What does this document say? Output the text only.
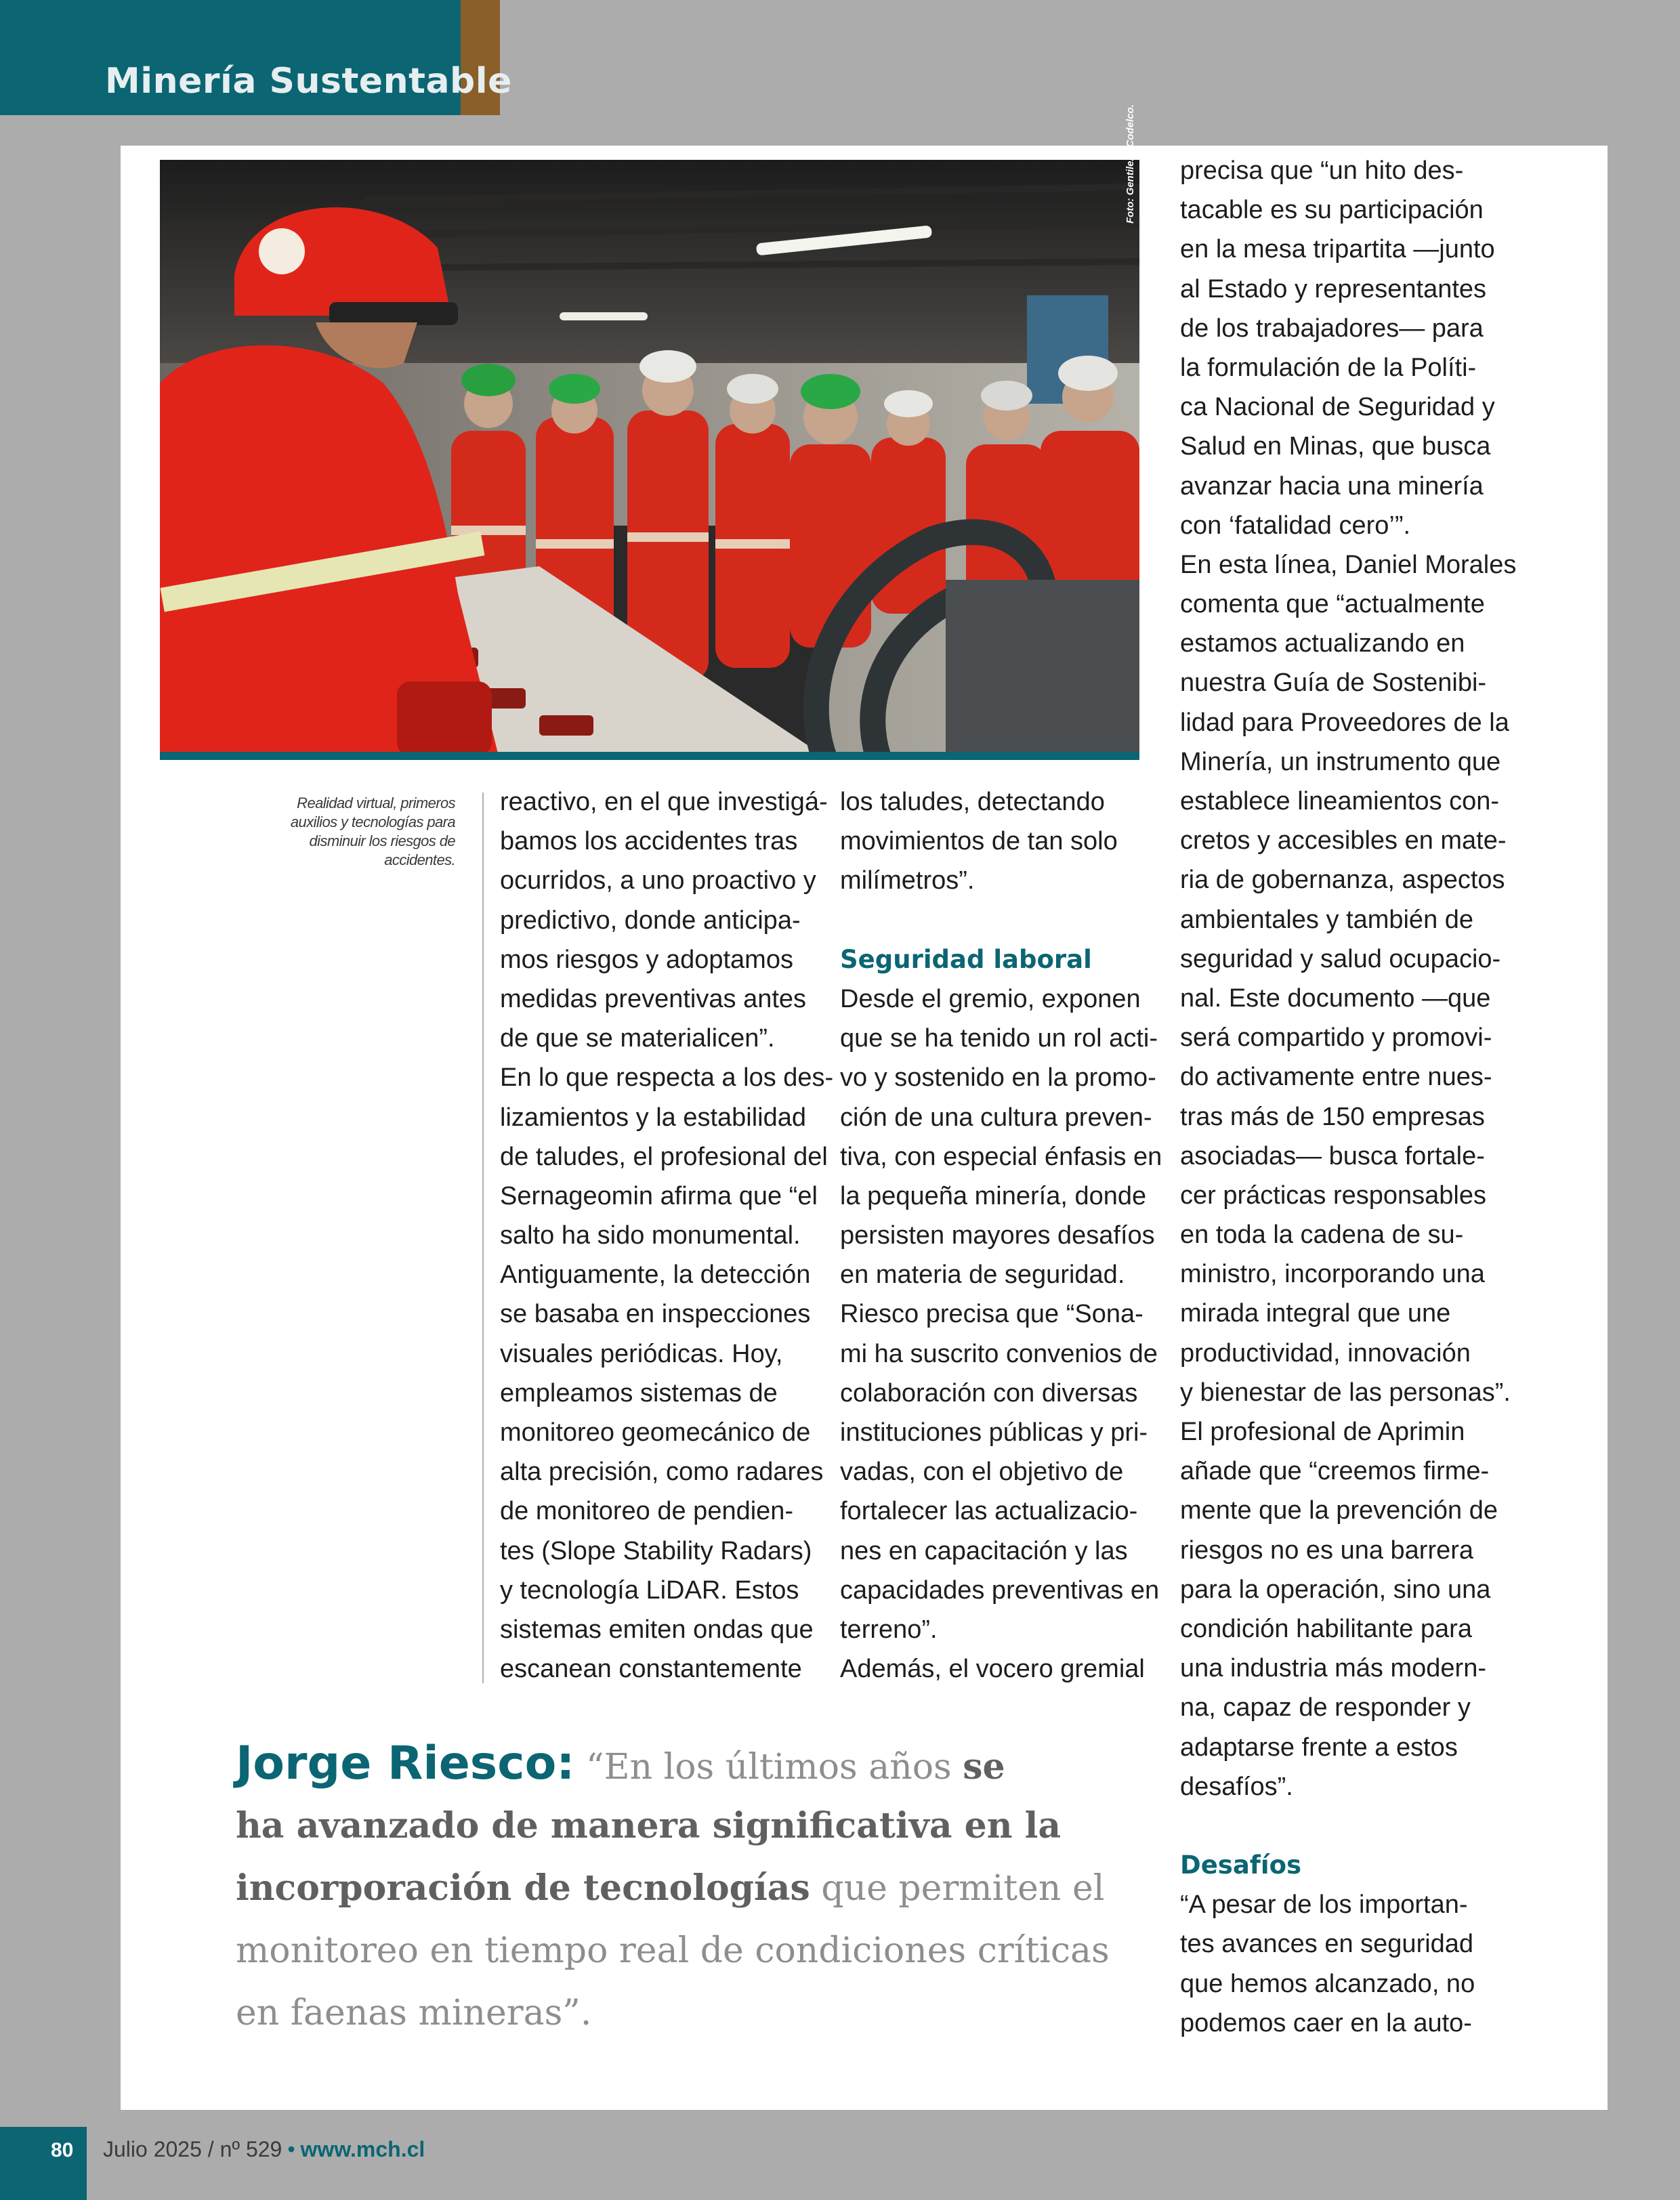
Minería Sustentable
Foto: Gentileza Codelco.
Realidad virtual, primeros
auxilios y tecnologías para
disminuir los riesgos de
accidentes.
reactivo, en el que investigá-
bamos los accidentes tras
ocurridos, a uno proactivo y
predictivo, donde anticipa-
mos riesgos y adoptamos
medidas preventivas antes
de que se materialicen”.
En lo que respecta a los des-
lizamientos y la estabilidad
de taludes, el profesional del
Sernageomin afirma que “el
salto ha sido monumental.
Antiguamente, la detección
se basaba en inspecciones
visuales periódicas. Hoy,
empleamos sistemas de
monitoreo geomecánico de
alta precisión, como radares
de monitoreo de pendien-
tes (Slope Stability Radars)
y tecnología LiDAR. Estos
sistemas emiten ondas que
escanean constantemente
los taludes, detectando
movimientos de tan solo
milímetros”.
Seguridad laboral
Desde el gremio, exponen
que se ha tenido un rol acti-
vo y sostenido en la promo-
ción de una cultura preven-
tiva, con especial énfasis en
la pequeña minería, donde
persisten mayores desafíos
en materia de seguridad.
Riesco precisa que “Sona-
mi ha suscrito convenios de
colaboración con diversas
instituciones públicas y pri-
vadas, con el objetivo de
fortalecer las actualizacio-
nes en capacitación y las
capacidades preventivas en
terreno”.
Además, el vocero gremial
precisa que “un hito des-
tacable es su participación
en la mesa tripartita —junto
al Estado y representantes
de los trabajadores— para
la formulación de la Políti-
ca Nacional de Seguridad y
Salud en Minas, que busca
avanzar hacia una minería
con ‘fatalidad cero’”.
En esta línea, Daniel Morales
comenta que “actualmente
estamos actualizando en
nuestra Guía de Sostenibi-
lidad para Proveedores de la
Minería, un instrumento que
establece lineamientos con-
cretos y accesibles en mate-
ria de gobernanza, aspectos
ambientales y también de
seguridad y salud ocupacio-
nal. Este documento —que
será compartido y promovi-
do activamente entre nues-
tras más de 150 empresas
asociadas— busca fortale-
cer prácticas responsables
en toda la cadena de su-
ministro, incorporando una
mirada integral que une
productividad, innovación
y bienestar de las personas”.
El profesional de Aprimin
añade que “creemos firme-
mente que la prevención de
riesgos no es una barrera
para la operación, sino una
condición habilitante para
una industria más modern-
na, capaz de responder y
adaptarse frente a estos
desafíos”.
Desafíos
“A pesar de los importan-
tes avances en seguridad
que hemos alcanzado, no
podemos caer en la auto-
Jorge Riesco: “En los últimos años se
ha avanzado de manera significativa en la
incorporación de tecnologías que permiten el
monitoreo en tiempo real de condiciones críticas
en faenas mineras”.
80 Julio 2025 / nº 529 • www.mch.cl
